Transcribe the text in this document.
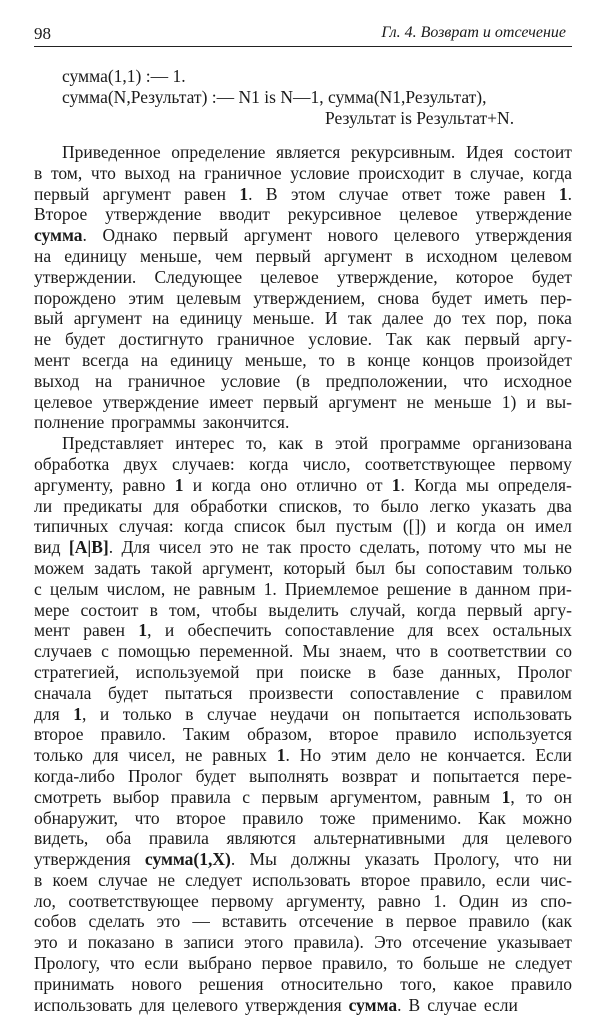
98	Гл. 4. Возврат и отсечение
сумма(1,1) :— 1.
сумма(N,Результат) :— N1 is N—1, сумма(N1,Результат),
Результат is Результат+N.
Приведенное определение является рекурсивным. Идея состоит
в том, что выход на граничное условие происходит в случае, когда
первый аргумент равен 1. В этом случае ответ тоже равен 1.
Второе утверждение вводит рекурсивное целевое утверждение
сумма. Однако первый аргумент нового целевого утверждения
на единицу меньше, чем первый аргумент в исходном целевом
утверждении. Следующее целевое утверждение, которое будет
порождено этим целевым утверждением, снова будет иметь пер-
вый аргумент на единицу меньше. И так далее до тех пор, пока
не будет достигнуто граничное условие. Так как первый аргу-
мент всегда на единицу меньше, то в конце концов произойдет
выход на граничное условие (в предположении, что исходное
целевое утверждение имеет первый аргумент не меньше 1) и вы-
полнение программы закончится.
Представляет интерес то, как в этой программе организована
обработка двух случаев: когда число, соответствующее первому
аргументу, равно 1 и когда оно отлично от 1. Когда мы определя-
ли предикаты для обработки списков, то было легко указать два
типичных случая: когда список был пустым ([]) и когда он имел
вид [A|B]. Для чисел это не так просто сделать, потому что мы не
можем задать такой аргумент, который был бы сопоставим только
с целым числом, не равным 1. Приемлемое решение в данном при-
мере состоит в том, чтобы выделить случай, когда первый аргу-
мент равен 1, и обеспечить сопоставление для всех остальных
случаев с помощью переменной. Мы знаем, что в соответствии со
стратегией, используемой при поиске в базе данных, Пролог
сначала будет пытаться произвести сопоставление с правилом
для 1, и только в случае неудачи он попытается использовать
второе правило. Таким образом, второе правило используется
только для чисел, не равных 1. Но этим дело не кончается. Если
когда-либо Пролог будет выполнять возврат и попытается пере-
смотреть выбор правила с первым аргументом, равным 1, то он
обнаружит, что второе правило тоже применимо. Как можно
видеть, оба правила являются альтернативными для целевого
утверждения сумма(1,X). Мы должны указать Прологу, что ни
в коем случае не следует использовать второе правило, если чис-
ло, соответствующее первому аргументу, равно 1. Один из спо-
собов сделать это — вставить отсечение в первое правило (как
это и показано в записи этого правила). Это отсечение указывает
Прологу, что если выбрано первое правило, то больше не следует
принимать нового решения относительно того, какое правило
использовать для целевого утверждения сумма. В случае если
